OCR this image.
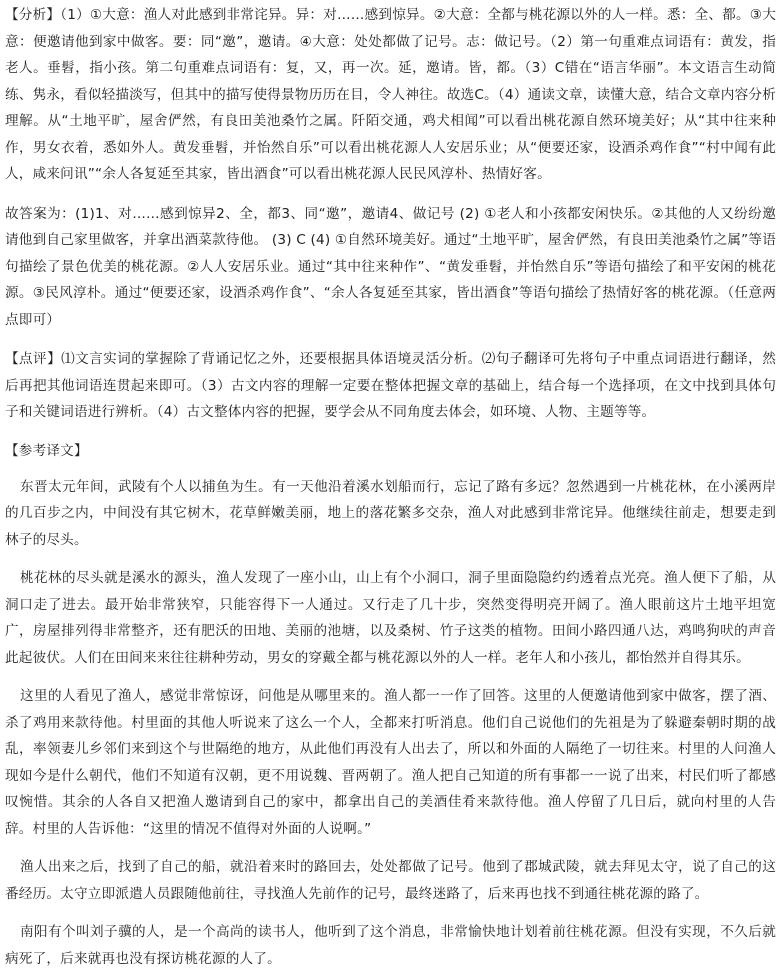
【分析】（1）①大意：渔人对此感到非常诧异。异：对……感到惊异。②大意：全都与桃花源以外的人一样。悉：全、都。③大意：便邀请他到家中做客。要：同“邀”，邀请。④大意：处处都做了记号。志：做记号。（2）第一句重难点词语有：黄发，指老人。垂髫，指小孩。第二句重难点词语有：复，又，再一次。延，邀请。皆，都。（3）C错在“语言华丽”。本文语言生动简练、隽永，看似轻描淡写，但其中的描写使得景物历历在目，令人神往。故选C。（4）通读文章，读懂大意，结合文章内容分析理解。从“土地平旷，屋舍俨然，有良田美池桑竹之属。阡陌交通，鸡犬相闻”可以看出桃花源自然环境美好；从“其中往来种作，男女衣着，悉如外人。黄发垂髫，并怡然自乐”可以看出桃花源人人安居乐业；从“便要还家，设酒杀鸡作食”“村中闻有此人，咸来问讯”“余人各复延至其家，皆出酒食”可以看出桃花源人民民风淳朴、热情好客。

故答案为：(1)1、对……感到惊异2、全，都3、同“邀”，邀请4、做记号 (2) ①老人和小孩都安闲快乐。②其他的人又纷纷邀请他到自己家里做客，并拿出酒菜款待他。 (3) C (4) ①自然环境美好。通过“土地平旷，屋舍俨然，有良田美池桑竹之属”等语句描绘了景色优美的桃花源。②人人安居乐业。通过“其中往来种作”、“黄发垂髫，并怡然自乐”等语句描绘了和平安闲的桃花源。③民风淳朴。通过“便要还家，设酒杀鸡作食”、“余人各复延至其家，皆出酒食”等语句描绘了热情好客的桃花源。（任意两点即可）

【点评】⑴文言实词的掌握除了背诵记忆之外，还要根据具体语境灵活分析。⑵句子翻译可先将句子中重点词语进行翻译，然后再把其他词语连贯起来即可。（3）古文内容的理解一定要在整体把握文章的基础上，结合每一个选择项，在文中找到具体句子和关键词语进行辨析。（4）古文整体内容的把握，要学会从不同角度去体会，如环境、人物、主题等等。

【参考译文】

东晋太元年间，武陵有个人以捕鱼为生。有一天他沿着溪水划船而行，忘记了路有多远？忽然遇到一片桃花林，在小溪两岸的几百步之内，中间没有其它树木，花草鲜嫩美丽，地上的落花繁多交杂，渔人对此感到非常诧异。他继续往前走，想要走到林子的尽头。

桃花林的尽头就是溪水的源头，渔人发现了一座小山，山上有个小洞口，洞子里面隐隐约约透着点光亮。渔人便下了船，从洞口走了进去。最开始非常狭窄，只能容得下一人通过。又行走了几十步，突然变得明亮开阔了。渔人眼前这片土地平坦宽广，房屋排列得非常整齐，还有肥沃的田地、美丽的池塘，以及桑树、竹子这类的植物。田间小路四通八达，鸡鸣狗吠的声音此起彼伏。人们在田间来来往往耕种劳动，男女的穿戴全都与桃花源以外的人一样。老年人和小孩儿，都怡然并自得其乐。

这里的人看见了渔人，感觉非常惊讶，问他是从哪里来的。渔人都一一作了回答。这里的人便邀请他到家中做客，摆了酒、杀了鸡用来款待他。村里面的其他人听说来了这么一个人，全都来打听消息。他们自己说他们的先祖是为了躲避秦朝时期的战乱，率领妻儿乡邻们来到这个与世隔绝的地方，从此他们再没有人出去了，所以和外面的人隔绝了一切往来。村里的人问渔人现如今是什么朝代，他们不知道有汉朝，更不用说魏、晋两朝了。渔人把自己知道的所有事都一一说了出来，村民们听了都感叹惋惜。其余的人各自又把渔人邀请到自己的家中，都拿出自己的美酒佳肴来款待他。渔人停留了几日后，就向村里的人告辞。村里的人告诉他：“这里的情况不值得对外面的人说啊。”

渔人出来之后，找到了自己的船，就沿着来时的路回去，处处都做了记号。他到了郡城武陵，就去拜见太守，说了自己的这番经历。太守立即派遣人员跟随他前往，寻找渔人先前作的记号，最终迷路了，后来再也找不到通往桃花源的路了。

南阳有个叫刘子骥的人，是一个高尚的读书人，他听到了这个消息，非常愉快地计划着前往桃花源。但没有实现，不久后就病死了，后来就再也没有探访桃花源的人了。
